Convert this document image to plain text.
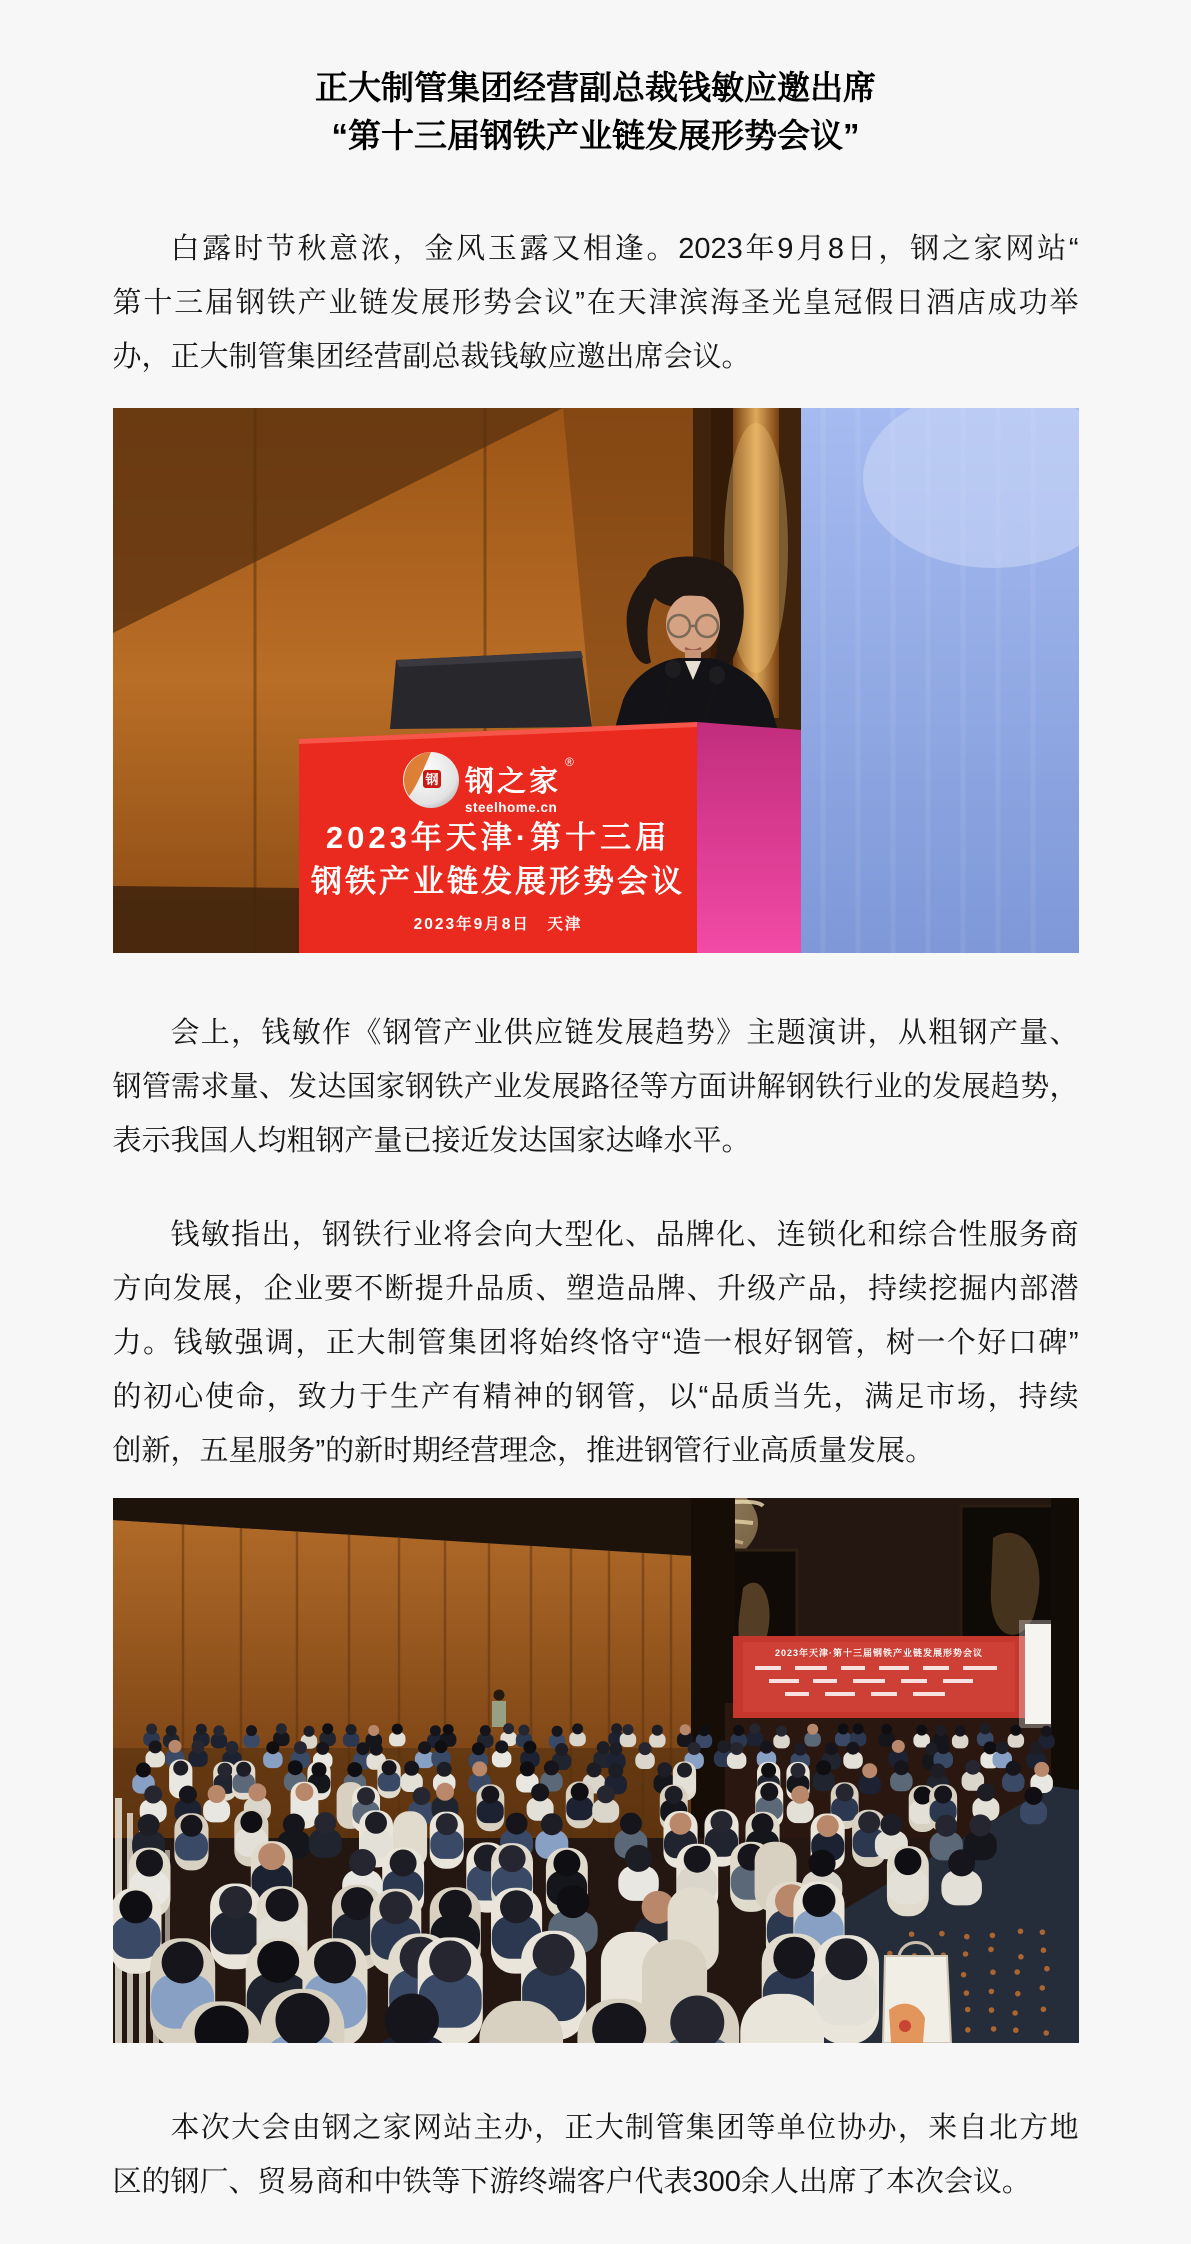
正大制管集团经营副总裁钱敏应邀出席
“第十三届钢铁产业链发展形势会议”
白露时节秋意浓，金风玉露又相逢。2023年9月8日，钢之家网站“
第十三届钢铁产业链发展形势会议”在天津滨海圣光皇冠假日酒店成功举
办，正大制管集团经营副总裁钱敏应邀出席会议。
钢 钢之家
®
steelhome.cn
2023年天津·第十三届
钢铁产业链发展形势会议
2023年9月8日　天津
会上，钱敏作《钢管产业供应链发展趋势》主题演讲，从粗钢产量、
钢管需求量、发达国家钢铁产业发展路径等方面讲解钢铁行业的发展趋势，
表示我国人均粗钢产量已接近发达国家达峰水平。
钱敏指出，钢铁行业将会向大型化、品牌化、连锁化和综合性服务商
方向发展，企业要不断提升品质、塑造品牌、升级产品，持续挖掘内部潜
力。钱敏强调，正大制管集团将始终恪守“造一根好钢管，树一个好口碑”
的初心使命，致力于生产有精神的钢管，以“品质当先，满足市场，持续
创新，五星服务”的新时期经营理念，推进钢管行业高质量发展。
2023年天津·第十三届钢铁产业链发展形势会议
本次大会由钢之家网站主办，正大制管集团等单位协办，来自北方地
区的钢厂、贸易商和中铁等下游终端客户代表300余人出席了本次会议。
